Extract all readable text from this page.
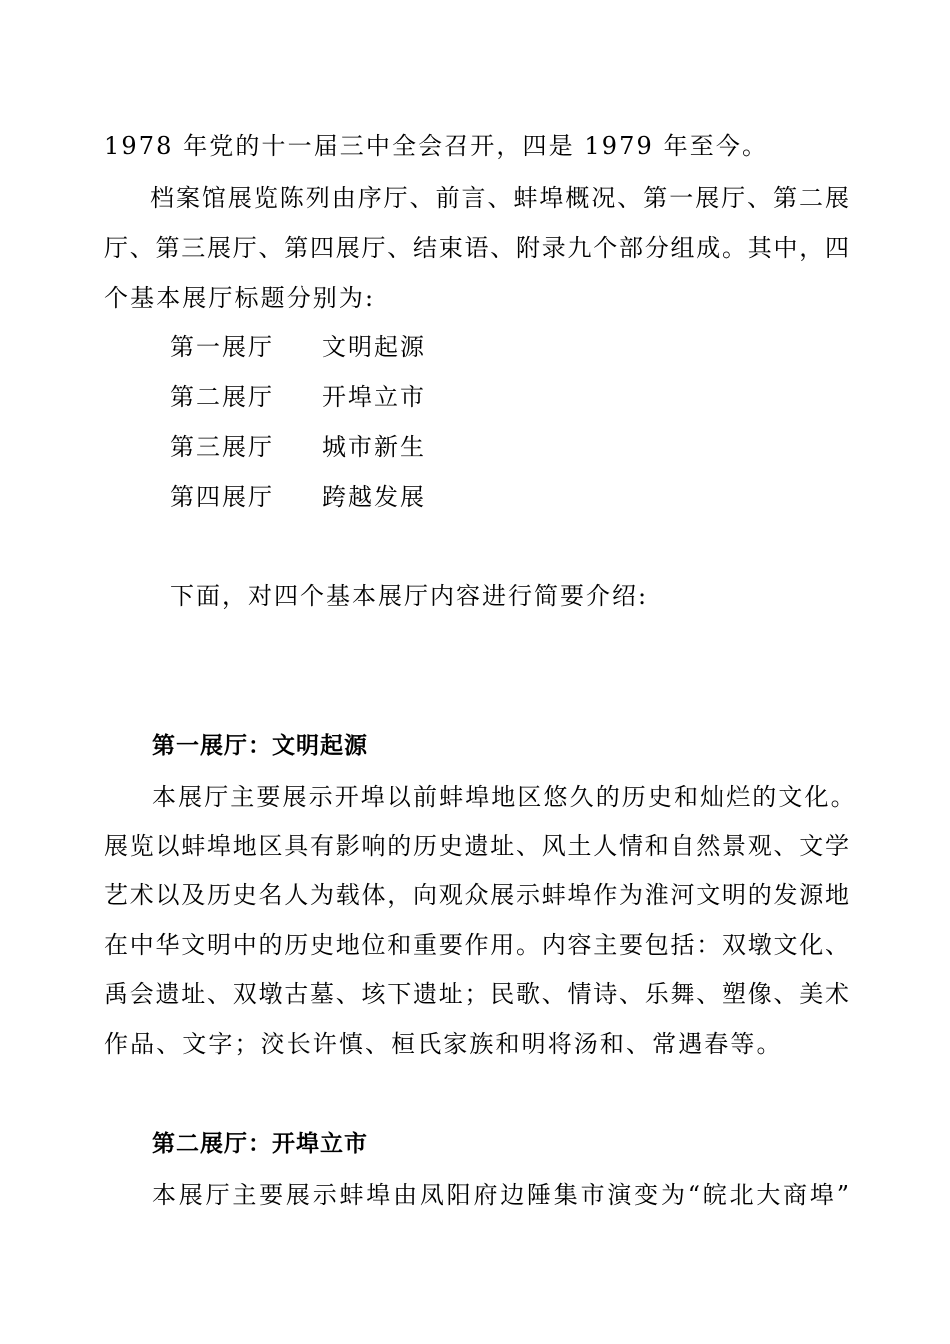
1978 年党的十一届三中全会召开，四是 1979 年至今。
档案馆展览陈列由序厅、前言、蚌埠概况、第一展厅、第二展
厅、第三展厅、第四展厅、结束语、附录九个部分组成。其中，四
个基本展厅标题分别为:
第一展厅 文明起源
第二展厅 开埠立市
第三展厅 城市新生
第四展厅 跨越发展
下面，对四个基本展厅内容进行简要介绍:
第一展厅：文明起源
本展厅主要展示开埠以前蚌埠地区悠久的历史和灿烂的文化。
展览以蚌埠地区具有影响的历史遗址、风土人情和自然景观、文学
艺术以及历史名人为载体，向观众展示蚌埠作为淮河文明的发源地
在中华文明中的历史地位和重要作用。内容主要包括：双墩文化、
禹会遗址、双墩古墓、垓下遗址；民歌、情诗、乐舞、塑像、美术
作品、文字；洨长许慎、桓氏家族和明将汤和、常遇春等。
第二展厅：开埠立市
本展厅主要展示蚌埠由凤阳府边陲集市演变为“皖北大商埠”
